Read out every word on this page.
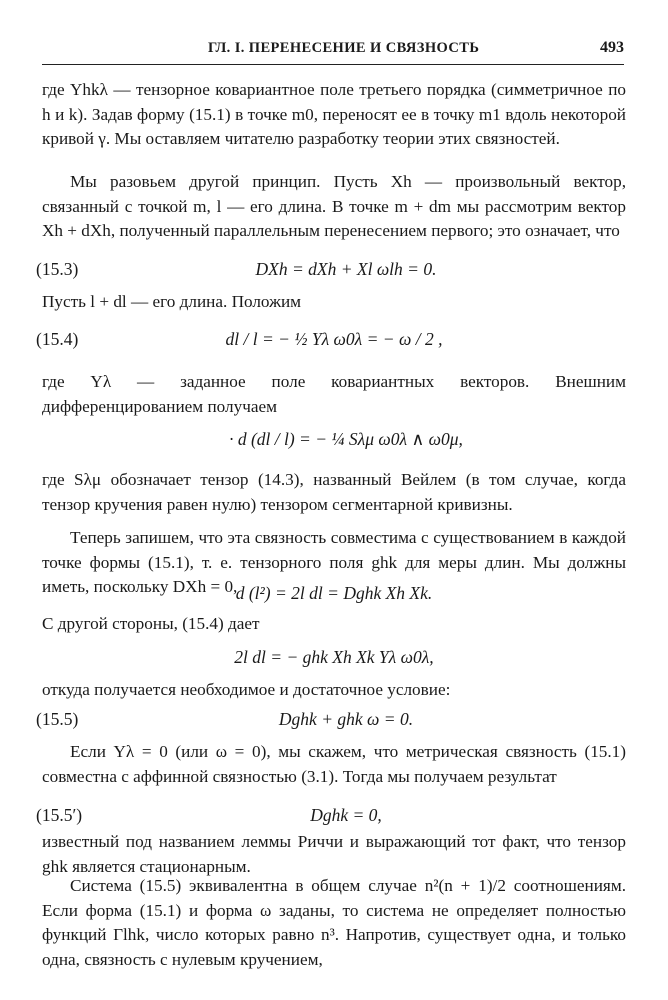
ГЛ. I. ПЕРЕНЕСЕНИЕ И СВЯЗНОСТЬ	493

где Yhkλ — тензорное ковариантное поле третьего порядка (симметричное по h и k). Задав форму (15.1) в точке m0, переносят ее в точку m1 вдоль некоторой кривой γ. Мы оставляем читателю разработку теории этих связностей.

Мы разовьем другой принцип. Пусть Xh — произвольный вектор, связанный с точкой m, l — его длина. В точке m + dm мы рассмотрим вектор Xh + dXh, полученный параллельным перенесением первого; это означает, что

(15.3)	DXh = dXh + Xl ωlh = 0.

Пусть l + dl — его длина. Положим

(15.4)	dl / l = − ½ Yλ ω0λ = − ω / 2 ,

где Yλ — заданное поле ковариантных векторов. Внешним дифференцированием получаем

· d (dl / l) = − ¼ Sλμ ω0λ ∧ ω0μ,

где Sλμ обозначает тензор (14.3), названный Вейлем (в том случае, когда тензор кручения равен нулю) тензором сегментарной кривизны.

Теперь запишем, что эта связность совместима с существованием в каждой точке формы (15.1), т. е. тензорного поля ghk для меры длин. Мы должны иметь, поскольку DXh = 0,

d (l²) = 2l dl = Dghk Xh Xk.

С другой стороны, (15.4) дает

2l dl = − ghk Xh Xk Yλ ω0λ,

откуда получается необходимое и достаточное условие:

(15.5)	Dghk + ghk ω = 0.

Если Yλ = 0 (или ω = 0), мы скажем, что метрическая связность (15.1) совместна с аффинной связностью (3.1). Тогда мы получаем результат

(15.5′)	Dghk = 0,

известный под названием леммы Риччи и выражающий тот факт, что тензор ghk является стационарным.

Система (15.5) эквивалентна в общем случае n²(n + 1)/2 соотношениям. Если форма (15.1) и форма ω заданы, то система не определяет полностью функций Γlhk, число которых равно n³. Напротив, существует одна, и только одна, связность с нулевым кручением,
